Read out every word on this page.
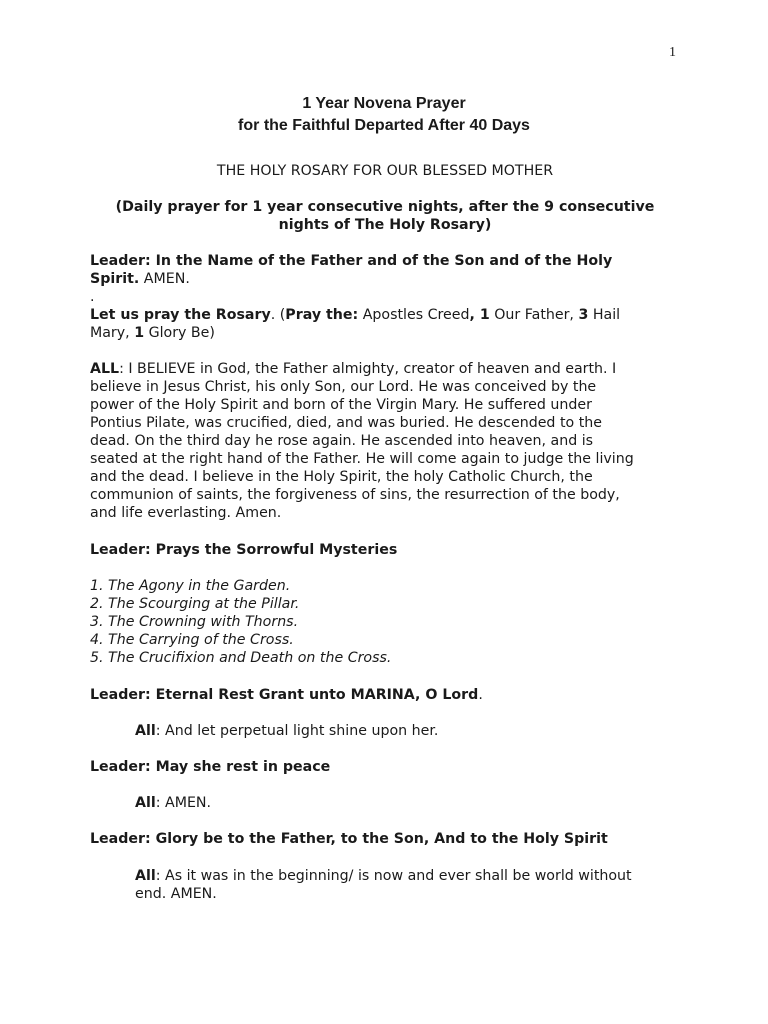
1
1 Year Novena Prayer
for the Faithful Departed After 40 Days
THE HOLY ROSARY FOR OUR BLESSED MOTHER

(Daily prayer for 1 year consecutive nights, after the 9 consecutive

nights of The Holy Rosary)

Leader: In the Name of the Father and of the Son and of the Holy

Spirit. AMEN.

.

Let us pray the Rosary. (Pray the: Apostles Creed, 1 Our Father, 3 Hail

Mary, 1 Glory Be)

ALL: I BELIEVE in God, the Father almighty, creator of heaven and earth. I

believe in Jesus Christ, his only Son, our Lord. He was conceived by the

power of the Holy Spirit and born of the Virgin Mary. He suffered under

Pontius Pilate, was crucified, died, and was buried. He descended to the

dead. On the third day he rose again. He ascended into heaven, and is

seated at the right hand of the Father. He will come again to judge the living

and the dead. I believe in the Holy Spirit, the holy Catholic Church, the

communion of saints, the forgiveness of sins, the resurrection of the body,

and life everlasting. Amen.

Leader: Prays the Sorrowful Mysteries

1. The Agony in the Garden.

2. The Scourging at the Pillar.

3. The Crowning with Thorns.

4. The Carrying of the Cross.

5. The Crucifixion and Death on the Cross.

Leader: Eternal Rest Grant unto MARINA, O Lord.
All: And let perpetual light shine upon her.
Leader: May she rest in peace
All: AMEN.
Leader: Glory be to the Father, to the Son, And to the Holy Spirit

All: As it was in the beginning/ is now and ever shall be world without

end. AMEN.
